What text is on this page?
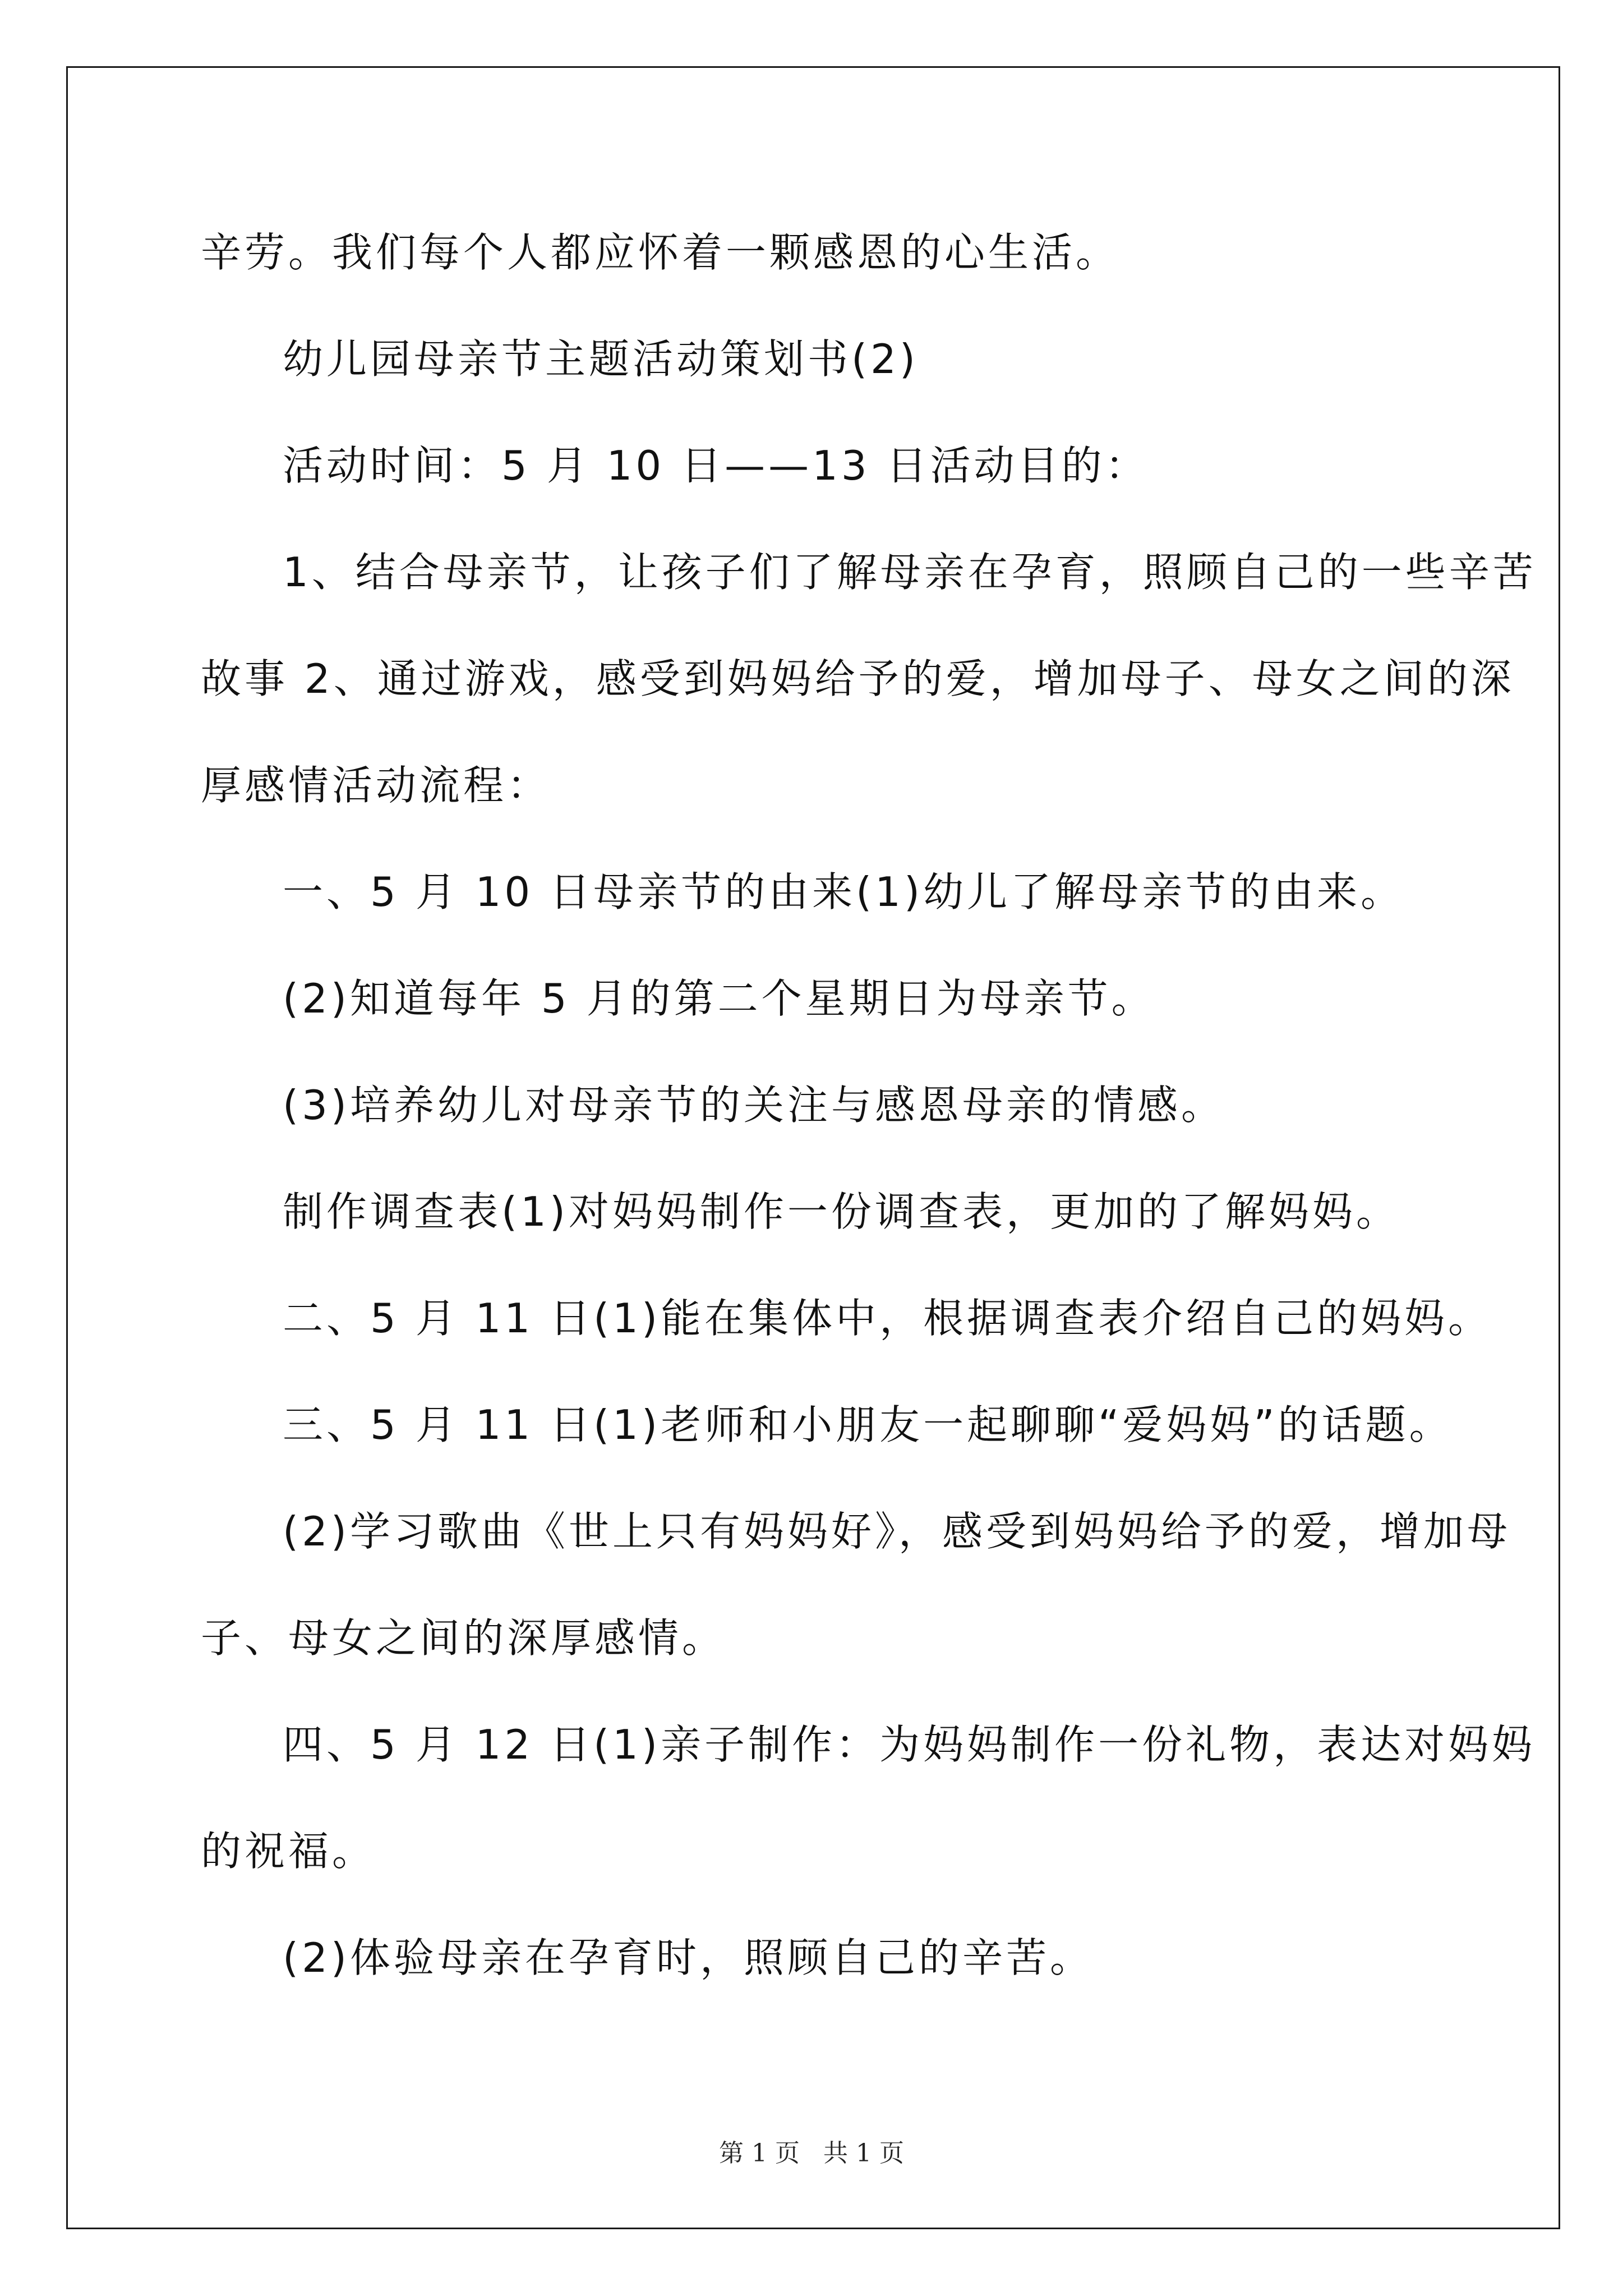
辛劳。我们每个人都应怀着一颗感恩的心生活。
幼儿园母亲节主题活动策划书(2)
活动时间：5 月 10 日——13 日活动目的：
1、结合母亲节，让孩子们了解母亲在孕育，照顾自己的一些辛苦
故事 2、通过游戏，感受到妈妈给予的爱，增加母子、母女之间的深
厚感情活动流程：
一、5 月 10 日母亲节的由来(1)幼儿了解母亲节的由来。
(2)知道每年 5 月的第二个星期日为母亲节。
(3)培养幼儿对母亲节的关注与感恩母亲的情感。
制作调查表(1)对妈妈制作一份调查表，更加的了解妈妈。
二、5 月 11 日(1)能在集体中，根据调查表介绍自己的妈妈。
三、5 月 11 日(1)老师和小朋友一起聊聊“爱妈妈”的话题。
(2)学习歌曲《世上只有妈妈好》，感受到妈妈给予的爱，增加母
子、母女之间的深厚感情。
四、5 月 12 日(1)亲子制作：为妈妈制作一份礼物，表达对妈妈
的祝福。
(2)体验母亲在孕育时，照顾自己的辛苦。
第 1 页   共 1 页
